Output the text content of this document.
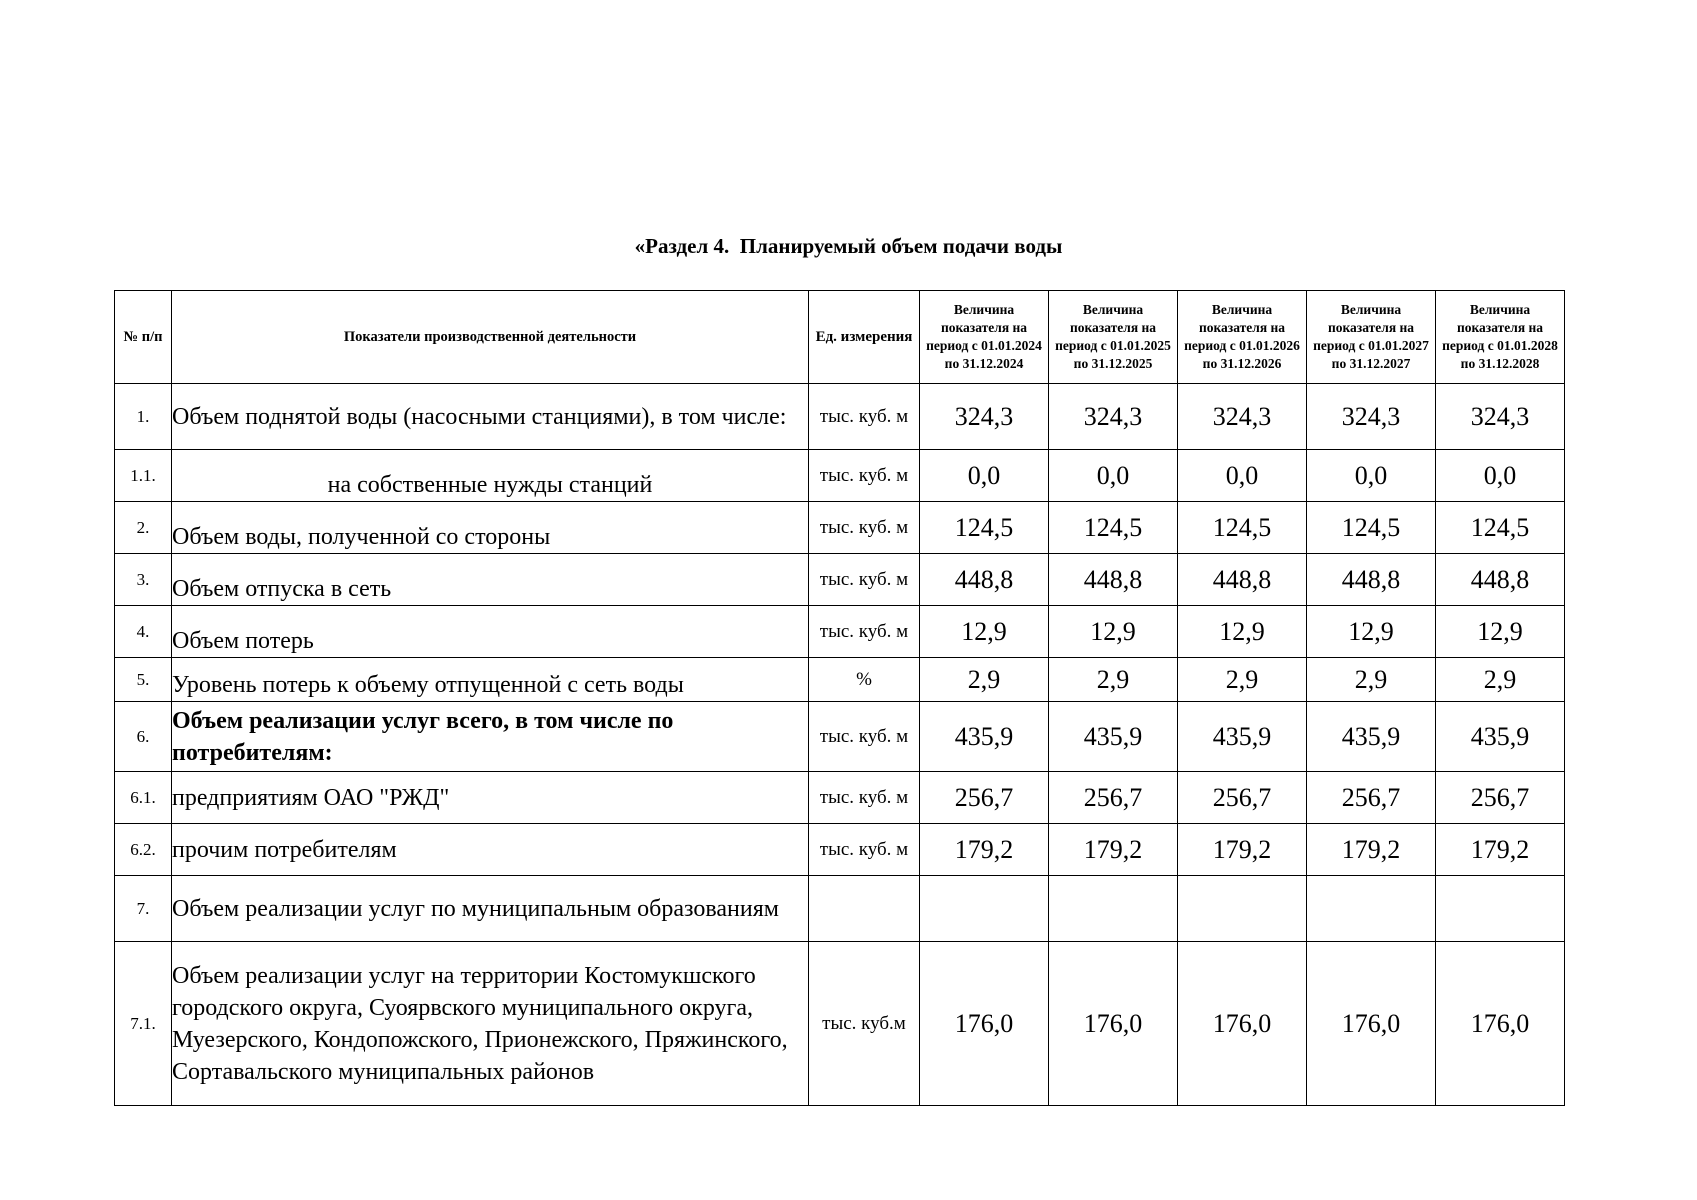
«Раздел 4.  Планируемый объем подачи воды
№ п/п	Показатели производственной деятельности	Ед. измерения	Величина показателя на период с 01.01.2024 по 31.12.2024	Величина показателя на период с 01.01.2025 по 31.12.2025	Величина показателя на период с 01.01.2026 по 31.12.2026	Величина показателя на период с 01.01.2027 по 31.12.2027	Величина показателя на период с 01.01.2028 по 31.12.2028
1.	Объем поднятой воды (насосными станциями), в том числе:	тыс. куб. м	324,3	324,3	324,3	324,3	324,3
1.1.	на собственные нужды станций	тыс. куб. м	0,0	0,0	0,0	0,0	0,0
2.	Объем воды, полученной со стороны	тыс. куб. м	124,5	124,5	124,5	124,5	124,5
3.	Объем отпуска в сеть	тыс. куб. м	448,8	448,8	448,8	448,8	448,8
4.	Объем потерь	тыс. куб. м	12,9	12,9	12,9	12,9	12,9
5.	Уровень потерь к объему отпущенной с сеть воды	%	2,9	2,9	2,9	2,9	2,9
6.	Объем реализации услуг всего, в том числе по потребителям:	тыс. куб. м	435,9	435,9	435,9	435,9	435,9
6.1.	предприятиям ОАО "РЖД"	тыс. куб. м	256,7	256,7	256,7	256,7	256,7
6.2.	прочим потребителям	тыс. куб. м	179,2	179,2	179,2	179,2	179,2
7.	Объем реализации услуг по муниципальным образованиям						
7.1.	Объем реализации услуг на территории Костомукшского городского округа, Суоярвского муниципального округа, Муезерского, Кондопожского, Прионежского, Пряжинского, Сортавальского муниципальных районов	тыс. куб.м	176,0	176,0	176,0	176,0	176,0
